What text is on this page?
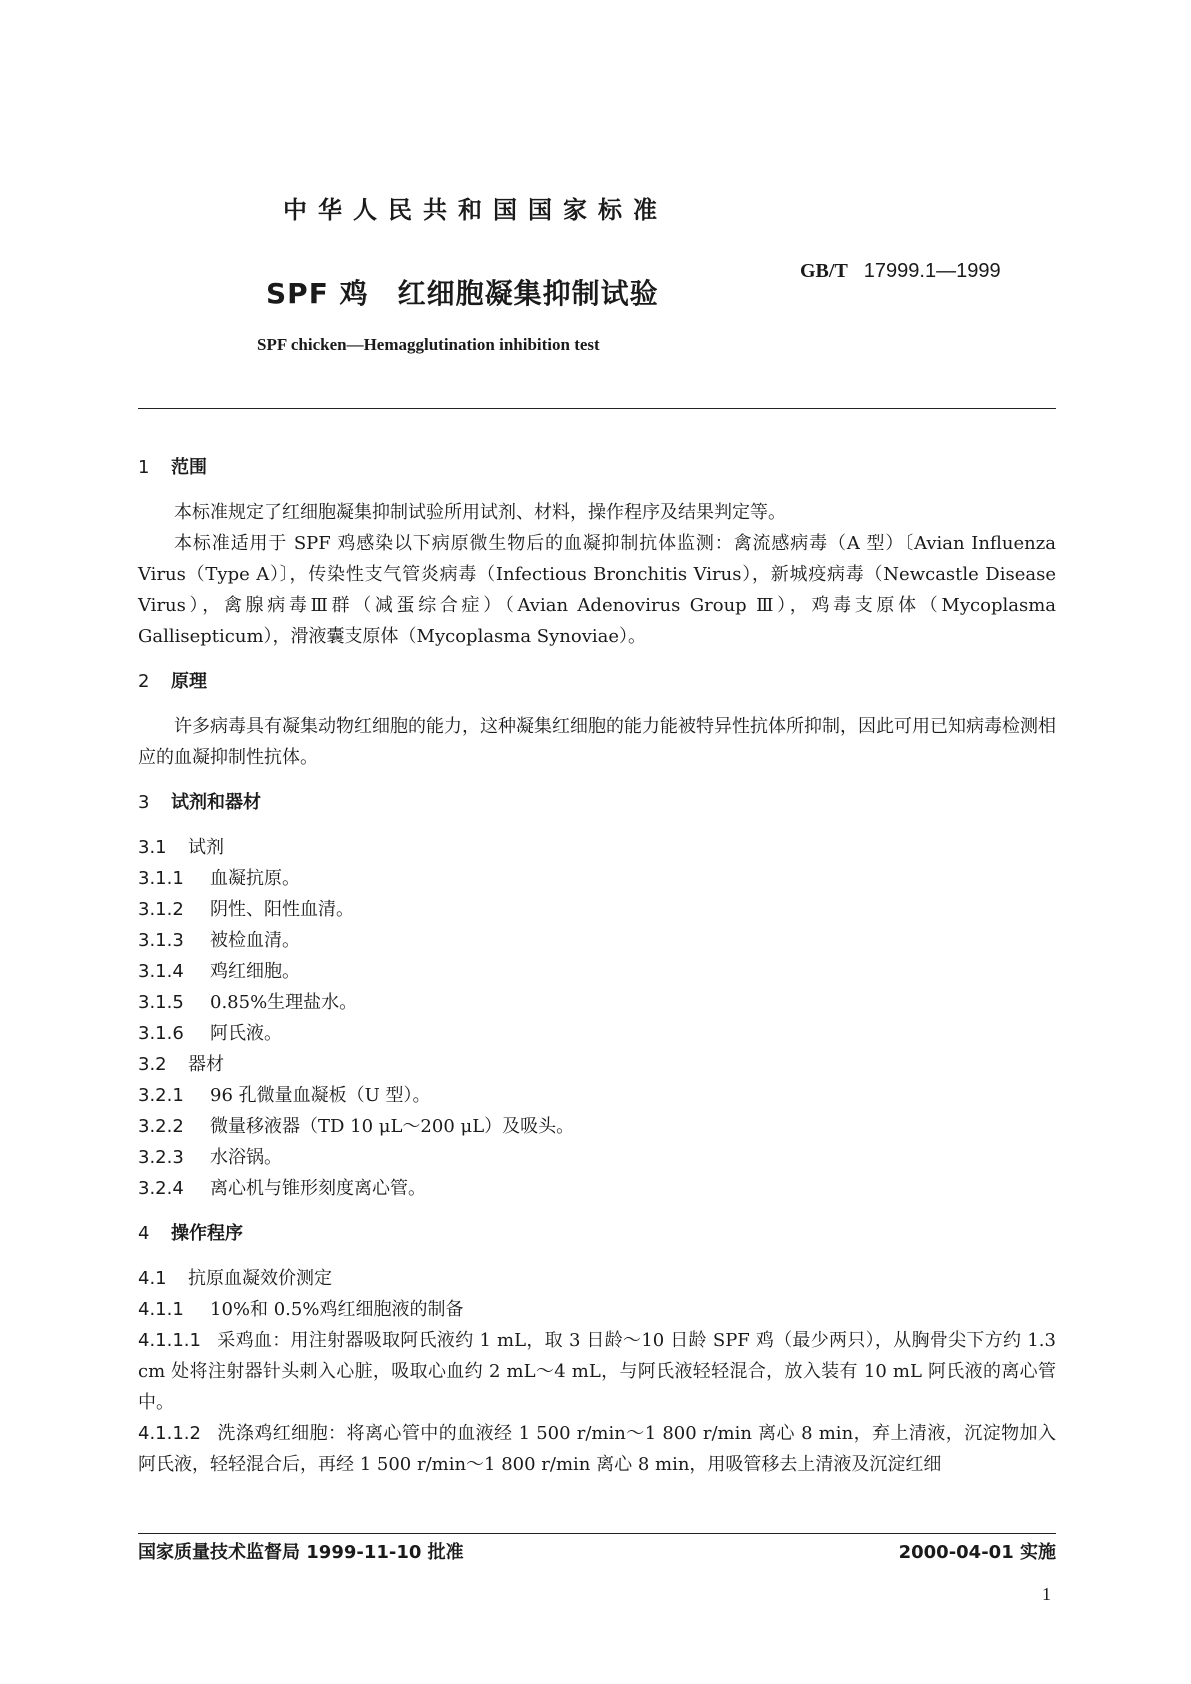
中华人民共和国国家标准
SPF 鸡　红细胞凝集抑制试验
GB/T 17999.1—1999
SPF chicken—Hemagglutination inhibition test
1 范围

本标准规定了红细胞凝集抑制试验所用试剂、材料，操作程序及结果判定等。

本标准适用于 SPF 鸡感染以下病原微生物后的血凝抑制抗体监测：禽流感病毒（A 型）〔Avian Influenza Virus（Type A）〕，传染性支气管炎病毒（Infectious Bronchitis Virus），新城疫病毒（Newcastle Disease Virus），禽腺病毒Ⅲ群（减蛋综合症）（Avian Adenovirus Group Ⅲ），鸡毒支原体（Mycoplasma Gallisepticum），滑液囊支原体（Mycoplasma Synoviae）。

2 原理

许多病毒具有凝集动物红细胞的能力，这种凝集红细胞的能力能被特异性抗体所抑制，因此可用已知病毒检测相应的血凝抑制性抗体。

3 试剂和器材
3.1 试剂
3.1.1 血凝抗原。
3.1.2 阴性、阳性血清。
3.1.3 被检血清。
3.1.4 鸡红细胞。
3.1.5 0.85%生理盐水。
3.1.6 阿氏液。
3.2 器材
3.2.1 96 孔微量血凝板（U 型）。
3.2.2 微量移液器（TD 10 μL～200 μL）及吸头。
3.2.3 水浴锅。
3.2.4 离心机与锥形刻度离心管。
4 操作程序
4.1 抗原血凝效价测定
4.1.1 10%和 0.5%鸡红细胞液的制备

4.1.1.1 采鸡血：用注射器吸取阿氏液约 1 mL，取 3 日龄～10 日龄 SPF 鸡（最少两只），从胸骨尖下方约 1.3 cm 处将注射器针头刺入心脏，吸取心血约 2 mL～4 mL，与阿氏液轻轻混合，放入装有 10 mL 阿氏液的离心管中。

4.1.1.2 洗涤鸡红细胞：将离心管中的血液经 1 500 r/min～1 800 r/min 离心 8 min，弃上清液，沉淀物加入阿氏液，轻轻混合后，再经 1 500 r/min～1 800 r/min 离心 8 min，用吸管移去上清液及沉淀红细

国家质量技术监督局 1999-11-10 批准	2000-04-01 实施
1
